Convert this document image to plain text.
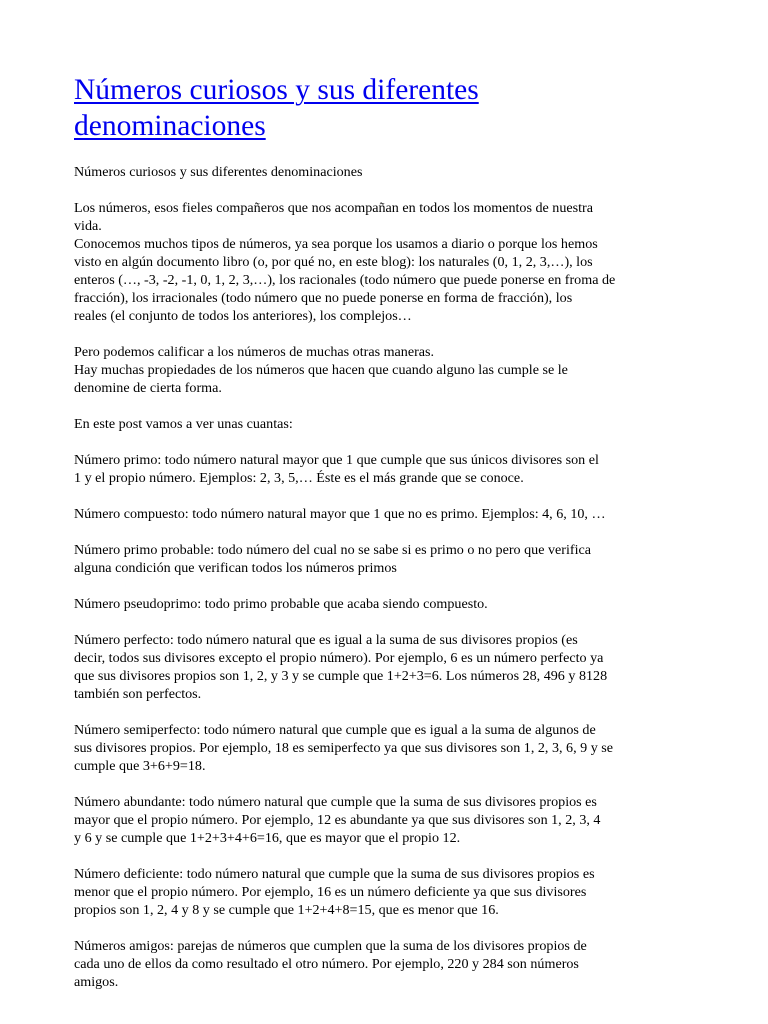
Números curiosos y sus diferentes
denominaciones

Números curiosos y sus diferentes denominaciones

Los números, esos fieles compañeros que nos acompañan en todos los momentos de nuestra
vida.
Conocemos muchos tipos de números, ya sea porque los usamos a diario o porque los hemos
visto en algún documento libro (o, por qué no, en este blog): los naturales (0, 1, 2, 3,…), los
enteros (…, -3, -2, -1, 0, 1, 2, 3,…), los racionales (todo número que puede ponerse en froma de
fracción), los irracionales (todo número que no puede ponerse en forma de fracción), los
reales (el conjunto de todos los anteriores), los complejos…

Pero podemos calificar a los números de muchas otras maneras.
Hay muchas propiedades de los números que hacen que cuando alguno las cumple se le
denomine de cierta forma.

En este post vamos a ver unas cuantas:

Número primo: todo número natural mayor que 1 que cumple que sus únicos divisores son el
1 y el propio número. Ejemplos: 2, 3, 5,… Éste es el más grande que se conoce.

Número compuesto: todo número natural mayor que 1 que no es primo. Ejemplos: 4, 6, 10, …

Número primo probable: todo número del cual no se sabe si es primo o no pero que verifica
alguna condición que verifican todos los números primos

Número pseudoprimo: todo primo probable que acaba siendo compuesto.

Número perfecto: todo número natural que es igual a la suma de sus divisores propios (es
decir, todos sus divisores excepto el propio número). Por ejemplo, 6 es un número perfecto ya
que sus divisores propios son 1, 2, y 3 y se cumple que 1+2+3=6. Los números 28, 496 y 8128
también son perfectos.

Número semiperfecto: todo número natural que cumple que es igual a la suma de algunos de
sus divisores propios. Por ejemplo, 18 es semiperfecto ya que sus divisores son 1, 2, 3, 6, 9 y se
cumple que 3+6+9=18.

Número abundante: todo número natural que cumple que la suma de sus divisores propios es
mayor que el propio número. Por ejemplo, 12 es abundante ya que sus divisores son 1, 2, 3, 4
y 6 y se cumple que 1+2+3+4+6=16, que es mayor que el propio 12.

Número deficiente: todo número natural que cumple que la suma de sus divisores propios es
menor que el propio número. Por ejemplo, 16 es un número deficiente ya que sus divisores
propios son 1, 2, 4 y 8 y se cumple que 1+2+4+8=15, que es menor que 16.

Números amigos: parejas de números que cumplen que la suma de los divisores propios de
cada uno de ellos da como resultado el otro número. Por ejemplo, 220 y 284 son números
amigos.
